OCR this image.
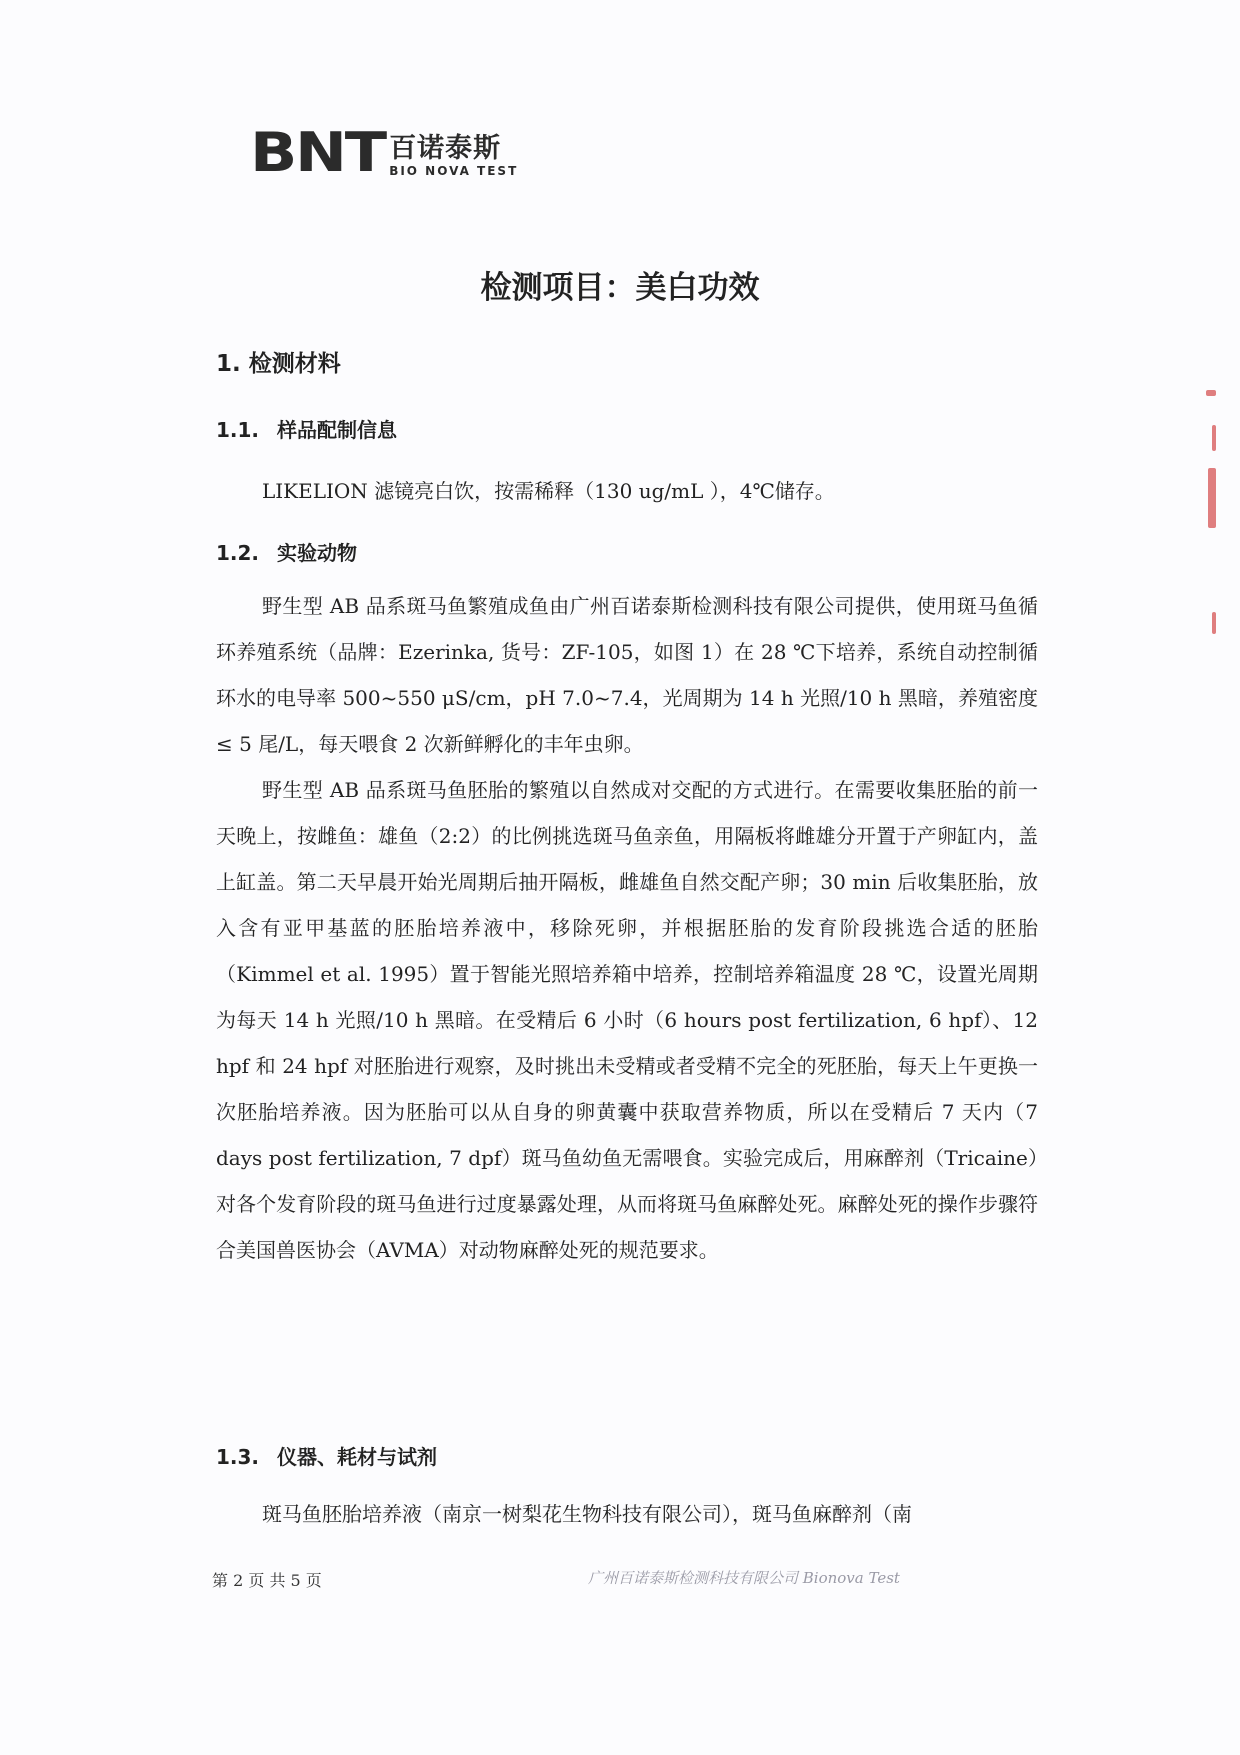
BNT 百诺泰斯
BIO NOVA TEST
检测项目：美白功效
1. 检测材料
1.1. 样品配制信息

LIKELION 滤镜亮白饮，按需稀释（130 ug/mL ），4℃储存。

1.2. 实验动物

野生型 AB 品系斑马鱼繁殖成鱼由广州百诺泰斯检测科技有限公司提供，使用斑马鱼循环养殖系统（品牌：Ezerinka, 货号：ZF-105，如图 1）在 28 ℃下培养，系统自动控制循环水的电导率 500~550 μS/cm，pH 7.0~7.4，光周期为 14 h 光照/10 h 黑暗，养殖密度 ≤ 5 尾/L，每天喂食 2 次新鲜孵化的丰年虫卵。

野生型 AB 品系斑马鱼胚胎的繁殖以自然成对交配的方式进行。在需要收集胚胎的前一天晚上，按雌鱼：雄鱼（2:2）的比例挑选斑马鱼亲鱼，用隔板将雌雄分开置于产卵缸内，盖上缸盖。第二天早晨开始光周期后抽开隔板，雌雄鱼自然交配产卵；30 min 后收集胚胎，放入含有亚甲基蓝的胚胎培养液中，移除死卵，并根据胚胎的发育阶段挑选合适的胚胎（Kimmel et al. 1995）置于智能光照培养箱中培养，控制培养箱温度 28 ℃，设置光周期为每天 14 h 光照/10 h 黑暗。在受精后 6 小时（6 hours post fertilization, 6 hpf）、12 hpf 和 24 hpf 对胚胎进行观察，及时挑出未受精或者受精不完全的死胚胎，每天上午更换一次胚胎培养液。因为胚胎可以从自身的卵黄囊中获取营养物质，所以在受精后 7 天内（7 days post fertilization, 7 dpf）斑马鱼幼鱼无需喂食。实验完成后，用麻醉剂（Tricaine）对各个发育阶段的斑马鱼进行过度暴露处理，从而将斑马鱼麻醉处死。麻醉处死的操作步骤符合美国兽医协会（AVMA）对动物麻醉处死的规范要求。

1.3. 仪器、耗材与试剂

斑马鱼胚胎培养液（南京一树梨花生物科技有限公司），斑马鱼麻醉剂（南

第 2 页 共 5 页	广州百诺泰斯检测科技有限公司 Bionova Test
